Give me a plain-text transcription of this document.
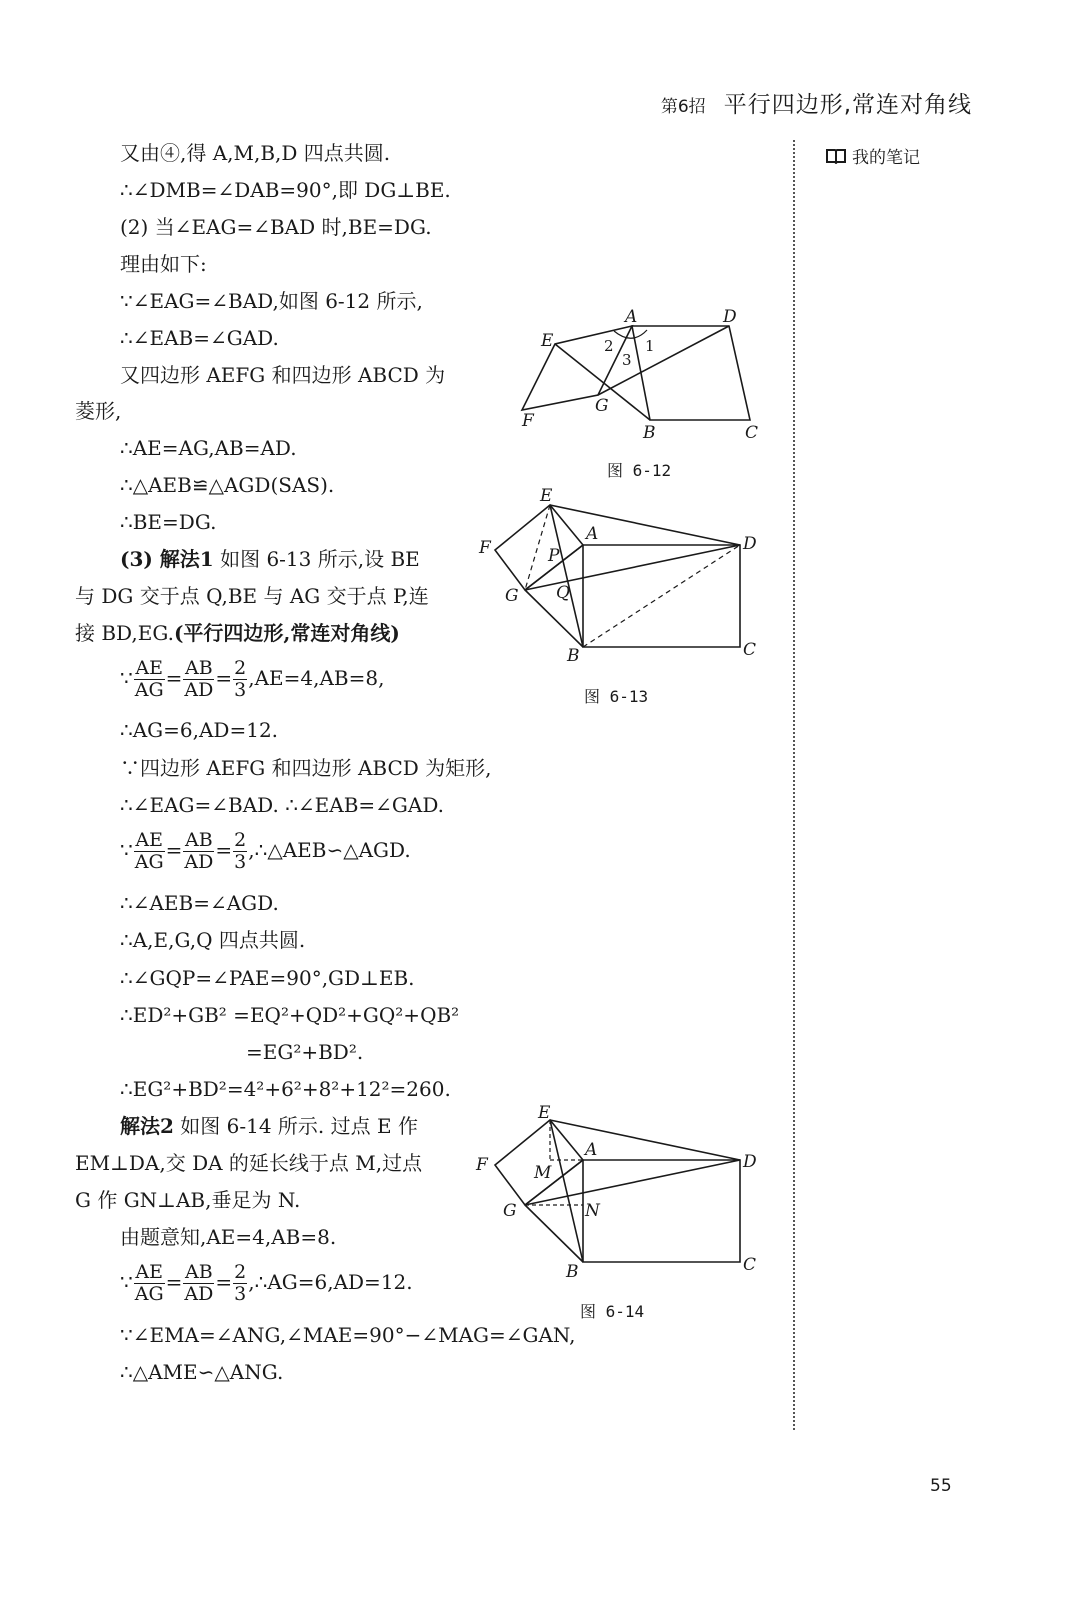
第6招 平行四边形,常连对角线
我的笔记
又由④,得 A,M,B,D 四点共圆.
∴∠DMB=∠DAB=90°,即 DG⊥BE.
(2) 当∠EAG=∠BAD 时,BE=DG.
理由如下:
∵∠EAG=∠BAD,如图 6-12 所示,
∴∠EAB=∠GAD.
又四边形 AEFG 和四边形 ABCD 为
菱形,
∴AE=AG,AB=AD.
∴△AEB≌△AGD(SAS).
∴BE=DG.
(3) 解法1 如图 6-13 所示,设 BE
与 DG 交于点 Q,BE 与 AG 交于点 P,连
接 BD,EG.(平行四边形,常连对角线)
∵ $\frac{AE}{AG} = \frac{AB}{AD} = \frac{2}{3} ,AE=4,AB=8$,
∴AG=6,AD=12.
∵四边形 AEFG 和四边形 ABCD 为矩形,
∴∠EAG=∠BAD. ∴∠EAB=∠GAD.
∵ $\frac{AE}{AG} = \frac{AB}{AD} = \frac{2}{3}$ ,∴△AEB∽△AGD.
∴∠AEB=∠AGD.
∴A,E,G,Q 四点共圆.
∴∠GQP=∠PAE=90°,GD⊥EB.
∴ED²+GB² =EQ²+QD²+GQ²+QB²
=EG²+BD².
∴EG²+BD²=4²+6²+8²+12²=260.
解法2 如图 6-14 所示. 过点 E 作
EM⊥DA,交 DA 的延长线于点 M,过点
G 作 GN⊥AB,垂足为 N.
由题意知,AE=4,AB=8.
∵ $\frac{AE}{AG} = \frac{AB}{AD} = \frac{2}{3}$ ,∴AG=6,AD=12.
∵∠EMA=∠ANG,∠MAE=90°−∠MAG=∠GAN,
∴△AME∽△ANG.
A	D
E
F
G
B	C
1
2
3
图 6-12
E
A	D
F	P
G Q
B	C
图 6-13
E
A
D
F	M
G	N
B	C
图 6-14
55
